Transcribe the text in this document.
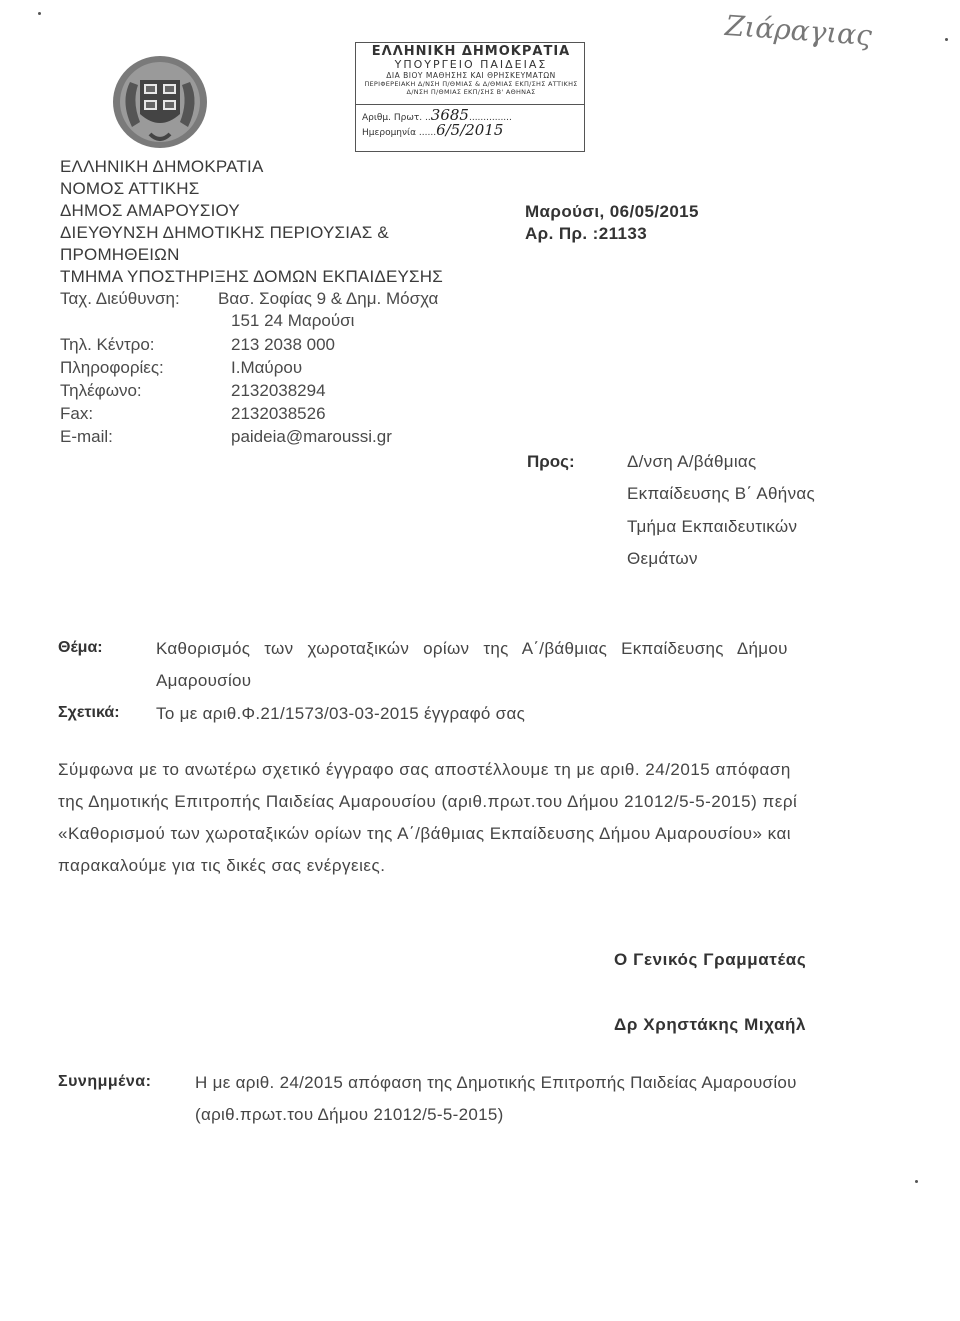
ΕΛΛΗΝΙΚΗ ΔΗΜΟΚΡΑΤΙΑ
ΥΠΟΥΡΓΕΙΟ ΠΑΙΔΕΙΑΣ
ΔΙΑ ΒΙΟΥ ΜΑΘΗΣΗΣ ΚΑΙ ΘΡΗΣΚΕΥΜΑΤΩΝ
ΠΕΡΙΦΕΡΕΙΑΚΗ Δ/ΝΣΗ Π/ΘΜΙΑΣ & Δ/ΘΜΙΑΣ ΕΚΠ/ΣΗΣ ΑΤΤΙΚΗΣ
Δ/ΝΣΗ Π/ΘΜΙΑΣ ΕΚΠ/ΣΗΣ Β' ΑΘΗΝΑΣ
Αριθμ. Πρωτ. ..3685...............
Ημερομηνία ......6/5/2015
Ζιάραγιας
ΕΛΛΗΝΙΚΗ ΔΗΜΟΚΡΑΤΙΑ
ΝΟΜΟΣ ΑΤΤΙΚΗΣ
ΔΗΜΟΣ ΑΜΑΡΟΥΣΙΟΥ
ΔΙΕΥΘΥΝΣΗ ΔΗΜΟΤΙΚΗΣ ΠΕΡΙΟΥΣΙΑΣ &
ΠΡΟΜΗΘΕΙΩΝ
ΤΜΗΜΑ ΥΠΟΣΤΗΡΙΞΗΣ ΔΟΜΩΝ ΕΚΠΑΙΔΕΥΣΗΣ
Ταχ. Διεύθυνση: Βασ. Σοφίας 9 & Δημ. Μόσχα
151 24 Μαρούσι
Τηλ. Κέντρο:	213 2038 000
Πληροφορίες:	Ι.Μαύρου
Τηλέφωνο:	2132038294
Fax:	2132038526
E-mail:	paideia@maroussi.gr
Μαρούσι, 06/05/2015
Αρ. Πρ. :21133
Προς:	Δ/νση Α/βάθμιας
Εκπαίδευσης Β΄ Αθήνας
Τμήμα Εκπαιδευτικών
Θεμάτων
Θέμα:	Καθορισμός των χωροταξικών ορίων της Α΄/βάθμιας Εκπαίδευσης Δήμου
Αμαρουσίου
Σχετικά: Το με αριθ.Φ.21/1573/03-03-2015 έγγραφό σας
Σύμφωνα με το ανωτέρω σχετικό έγγραφο σας αποστέλλουμε τη με αριθ. 24/2015 απόφαση
της Δημοτικής Επιτροπής Παιδείας Αμαρουσίου (αριθ.πρωτ.του Δήμου 21012/5-5-2015) περί
«Καθορισμού των χωροταξικών ορίων της Α΄/βάθμιας Εκπαίδευσης Δήμου Αμαρουσίου» και
παρακαλούμε για τις δικές σας ενέργειες.
Ο Γενικός Γραμματέας
Δρ Χρηστάκης Μιχαήλ
Συνημμένα:	Η με αριθ. 24/2015 απόφαση της Δημοτικής Επιτροπής Παιδείας Αμαρουσίου
(αριθ.πρωτ.του Δήμου 21012/5-5-2015)
